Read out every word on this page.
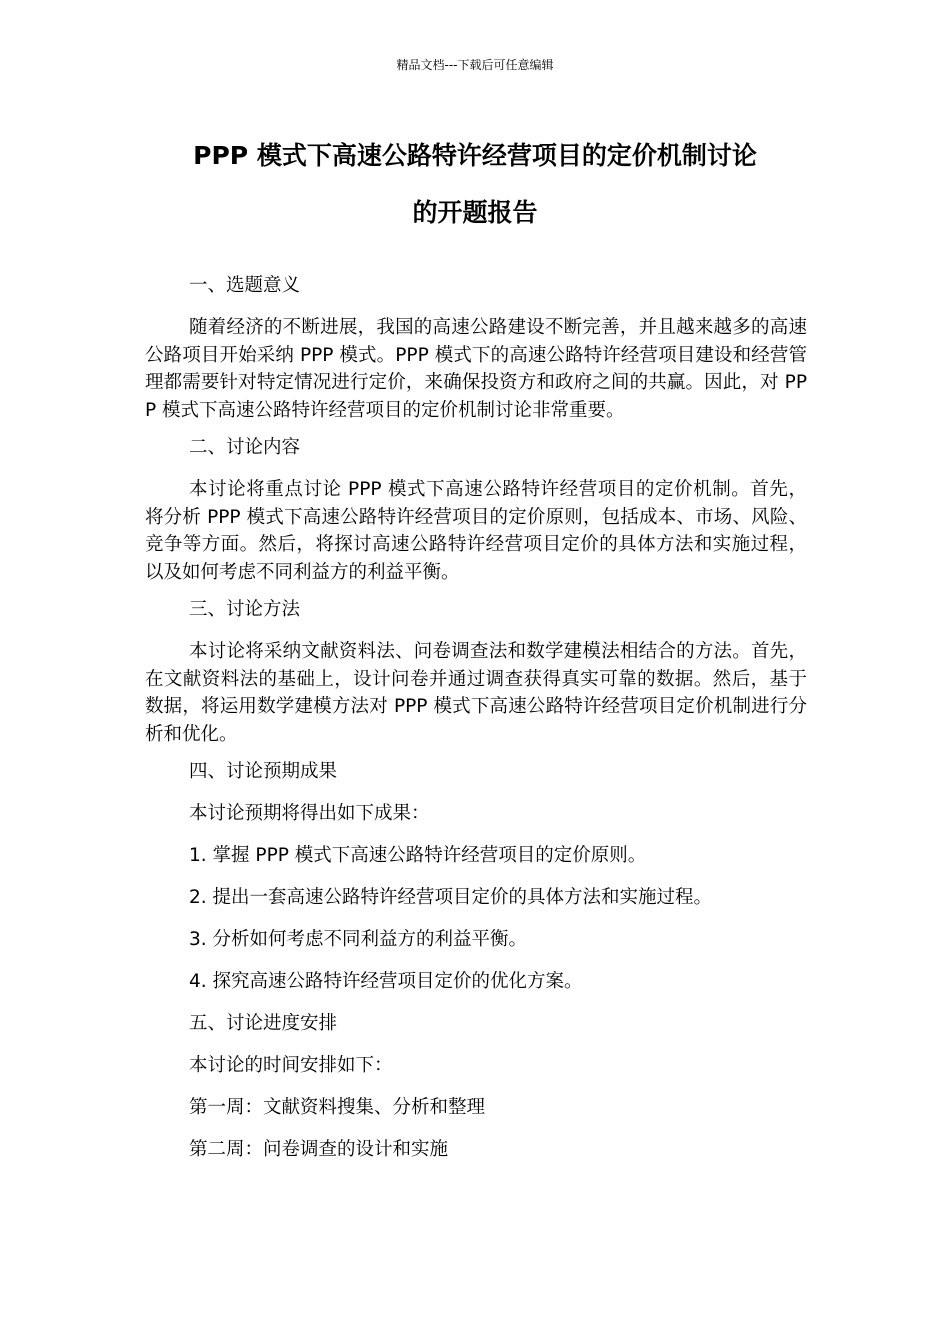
精品文档---下载后可任意编辑
PPP 模式下高速公路特许经营项目的定价机制讨论
的开题报告
一、选题意义
随着经济的不断进展，我国的高速公路建设不断完善，并且越来越多的高速公路项目开始采纳 PPP 模式。PPP 模式下的高速公路特许经营项目建设和经营管理都需要针对特定情况进行定价，来确保投资方和政府之间的共赢。因此，对 PPP 模式下高速公路特许经营项目的定价机制讨论非常重要。
二、讨论内容
本讨论将重点讨论 PPP 模式下高速公路特许经营项目的定价机制。首先，将分析 PPP 模式下高速公路特许经营项目的定价原则，包括成本、市场、风险、竞争等方面。然后，将探讨高速公路特许经营项目定价的具体方法和实施过程，以及如何考虑不同利益方的利益平衡。
三、讨论方法
本讨论将采纳文献资料法、问卷调查法和数学建模法相结合的方法。首先，在文献资料法的基础上，设计问卷并通过调查获得真实可靠的数据。然后，基于数据，将运用数学建模方法对 PPP 模式下高速公路特许经营项目定价机制进行分析和优化。
四、讨论预期成果
本讨论预期将得出如下成果：
1. 掌握 PPP 模式下高速公路特许经营项目的定价原则。
2. 提出一套高速公路特许经营项目定价的具体方法和实施过程。
3. 分析如何考虑不同利益方的利益平衡。
4. 探究高速公路特许经营项目定价的优化方案。
五、讨论进度安排
本讨论的时间安排如下：
第一周：文献资料搜集、分析和整理
第二周：问卷调查的设计和实施
